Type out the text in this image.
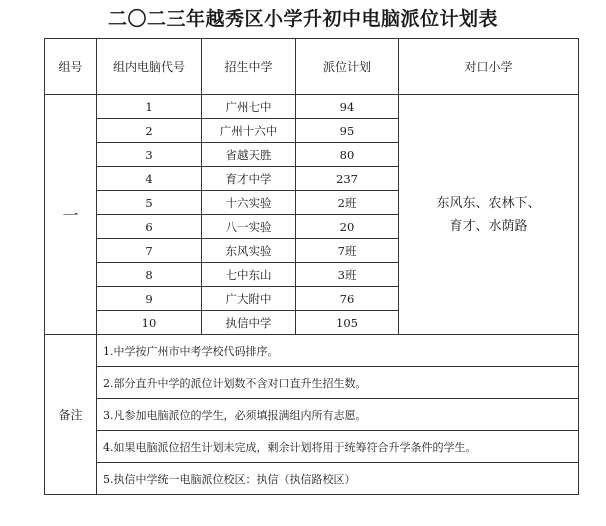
二〇二三年越秀区小学升初中电脑派位计划表
组号	组内电脑代号	招生中学	派位计划	对口小学
一	1	广州七中	94	东风东、农林下、
育才、水荫路

	2	广州十六中	95	
	3	省越天胜	80	
	4	育才中学	237	
	5	十六实验	2班	
	6	八一实验	20	
	7	东风实验	7班	
	8	七中东山	3班	
	9	广大附中	76	
	10	执信中学	105	
备注	1.中学按广州市中考学校代码排序。			
	2.部分直升中学的派位计划数不含对口直升生招生数。			
	3.凡参加电脑派位的学生，必须填报满组内所有志愿。			
	4.如果电脑派位招生计划未完成，剩余计划将用于统筹符合升学条件的学生。			
	5.执信中学统一电脑派位校区：执信（执信路校区）			
